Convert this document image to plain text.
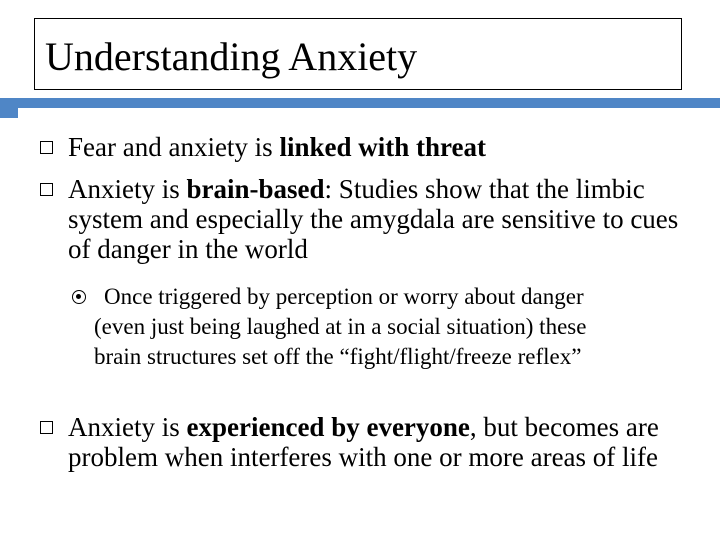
Understanding Anxiety
Fear and anxiety is linked with threat
Anxiety is brain-based: Studies show that the limbic system and especially the amygdala are sensitive to cues of danger in the world
Once triggered by perception or worry about danger (even just being laughed at in a social situation) these brain structures set off the “fight/flight/freeze reflex”
Anxiety is experienced by everyone, but becomes are problem when interferes with one or more areas of life
